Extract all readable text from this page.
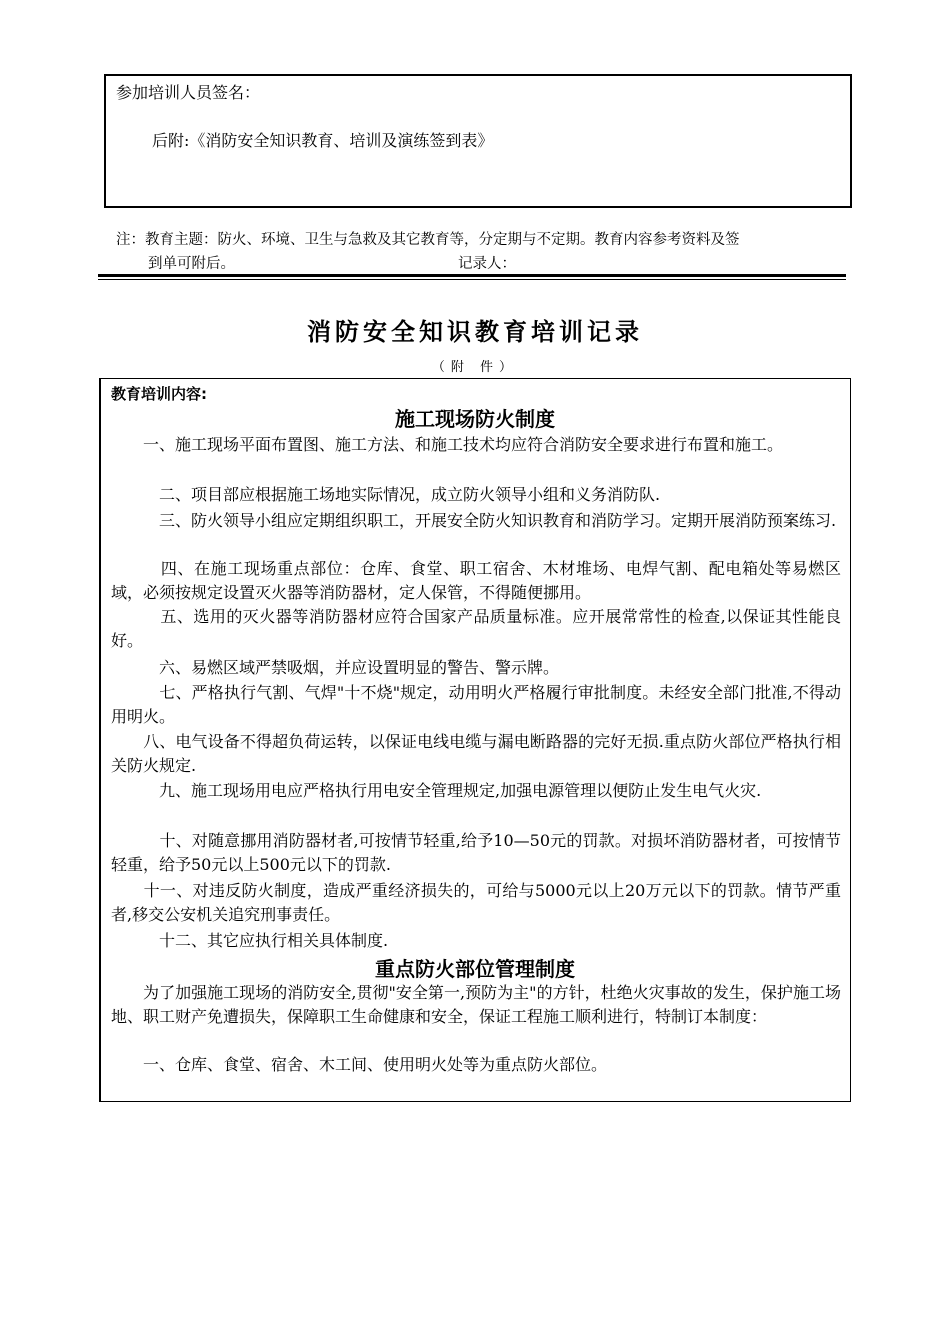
参加培训人员签名：
后附:《消防安全知识教育、培训及演练签到表》
注：教育主题：防火、环境、卫生与急救及其它教育等，分定期与不定期。教育内容参考资料及签
到单可附后。	记录人：
消防安全知识教育培训记录
（附 件）
教育培训内容:
施工现场防火制度
　　一、施工现场平面布置图、施工方法、和施工技术均应符合消防安全要求进行布置和施工。
　　　二、项目部应根据施工场地实际情况，成立防火领导小组和义务消防队.
　　　三、防火领导小组应定期组织职工，开展安全防火知识教育和消防学习。定期开展消防预案练习.
　　　四、在施工现场重点部位：仓库、食堂、职工宿舍、木材堆场、电焊气割、配电箱处等易燃区域，必须按规定设置灭火器等消防器材，定人保管，不得随便挪用。
　　　五、选用的灭火器等消防器材应符合国家产品质量标准。应开展常常性的检查,以保证其性能良好。
　　　六、易燃区域严禁吸烟，并应设置明显的警告、警示牌。
　　　七、严格执行气割、气焊"十不烧"规定，动用明火严格履行审批制度。未经安全部门批准,不得动用明火。
　　八、电气设备不得超负荷运转，以保证电线电缆与漏电断路器的完好无损.重点防火部位严格执行相关防火规定.
　　　九、施工现场用电应严格执行用电安全管理规定,加强电源管理以便防止发生电气火灾.
　　　十、对随意挪用消防器材者,可按情节轻重,给予10—50元的罚款。对损坏消防器材者，可按情节轻重，给予50元以上500元以下的罚款.
　　十一、对违反防火制度，造成严重经济损失的，可给与5000元以上20万元以下的罚款。情节严重者,移交公安机关追究刑事责任。
　　　十二、其它应执行相关具体制度.
重点防火部位管理制度
　　为了加强施工现场的消防安全,贯彻"安全第一,预防为主"的方针，杜绝火灾事故的发生，保护施工场地、职工财产免遭损失，保障职工生命健康和安全，保证工程施工顺利进行，特制订本制度：
　　一、仓库、食堂、宿舍、木工间、使用明火处等为重点防火部位。
